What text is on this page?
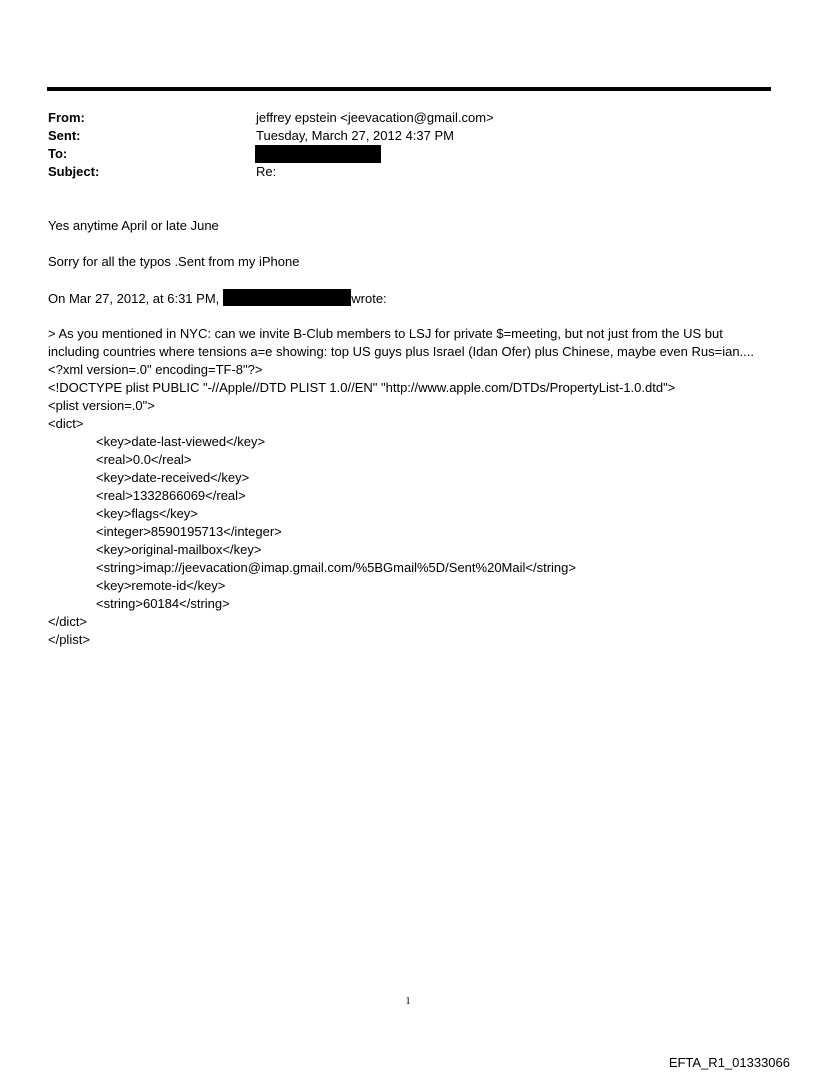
From:	jeffrey epstein <jeevacation@gmail.com>
Sent:	Tuesday, March 27, 2012 4:37 PM
To:
Subject:	Re:
Yes anytime April or late June
Sorry for all the typos .Sent from my iPhone
On Mar 27, 2012, at 6:31 PM,	wrote:
> As you mentioned in NYC: can we invite B-Club members to LSJ for private $=meeting, but not just from the US but
including countries where tensions a=e showing: top US guys plus Israel (Idan Ofer) plus Chinese, maybe even Rus=ian....
<?xml version=.0" encoding=TF-8"?>
<!DOCTYPE plist PUBLIC "-//Apple//DTD PLIST 1.0//EN" "http://www.apple.com/DTDs/PropertyList-1.0.dtd">
<plist version=.0">
<dict>
<key>date-last-viewed</key>
<real>0.0</real>
<key>date-received</key>
<real>1332866069</real>
<key>flags</key>
<integer>8590195713</integer>
<key>original-mailbox</key>
<string>imap://jeevacation@imap.gmail.com/%5BGmail%5D/Sent%20Mail</string>
<key>remote-id</key>
<string>60184</string>
</dict>
</plist>
1
EFTA_R1_01333066
